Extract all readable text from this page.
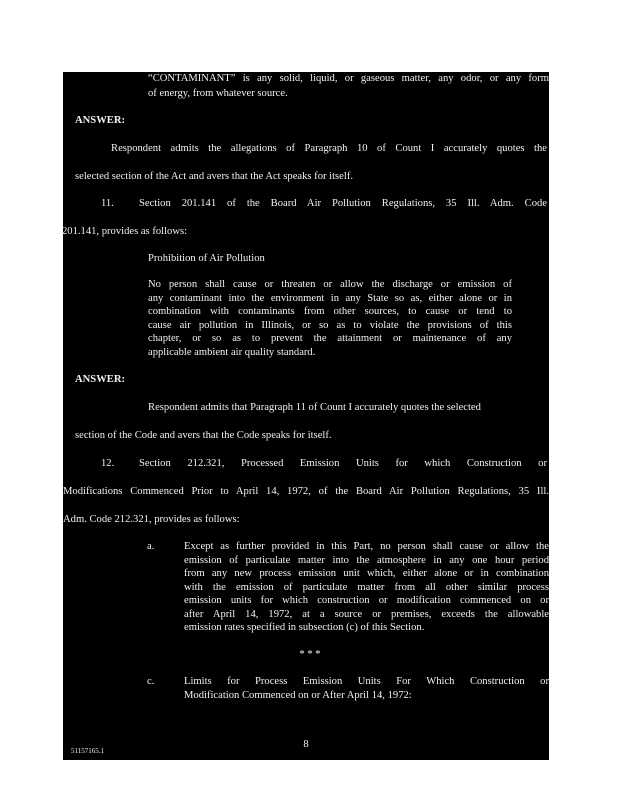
“CONTAMINANT” is any solid, liquid, or gaseous matter, any odor, or any form

of energy, from whatever source.

ANSWER:

Respondent admits the allegations of Paragraph 10 of Count I accurately quotes the

selected section of the Act and avers that the Act speaks for itself.

11. Section 201.141 of the Board Air Pollution Regulations, 35 Ill. Adm. Code

201.141, provides as follows:

Prohibition of Air Pollution

No person shall cause or threaten or allow the discharge or emission of
any contaminant into the environment in any State so as, either alone or in
combination with contaminants from other sources, to cause or tend to
cause air pollution in Illinois, or so as to violate the provisions of this
chapter, or so as to prevent the attainment or maintenance of any
applicable ambient air quality standard.

ANSWER:

Respondent admits that Paragraph 11 of Count I accurately quotes the selected

section of the Code and avers that the Code speaks for itself.

12. Section 212.321, Processed Emission Units for which Construction or

Modifications Commenced Prior to April 14, 1972, of the Board Air Pollution Regulations, 35 Ill.

Adm. Code 212.321, provides as follows:

a.	Except as further provided in this Part, no person shall cause or allow the
emission of particulate matter into the atmosphere in any one hour period
from any new process emission unit which, either alone or in combination
with the emission of particulate matter from all other similar process
emission units for which construction or modification commenced on or
after April 14, 1972, at a source or premises, exceeds the allowable
emission rates specified in subsection (c) of this Section.

* * *

c.	Limits for Process Emission Units For Which Construction or
Modification Commenced on or After April 14, 1972:
51157165.1
8
